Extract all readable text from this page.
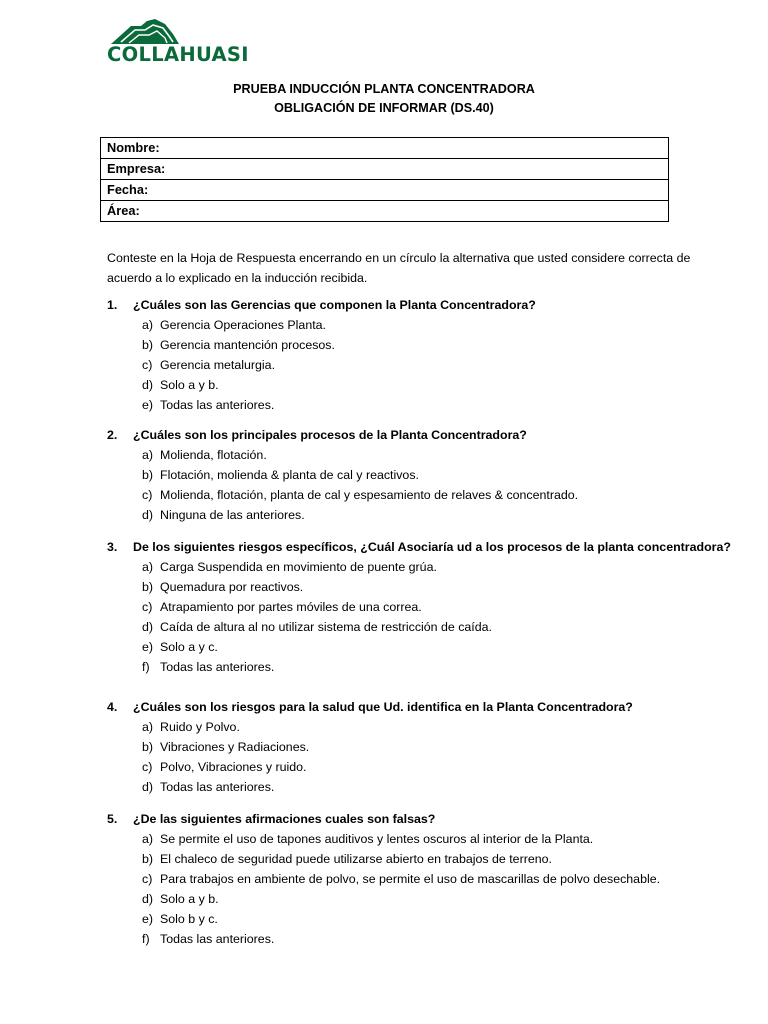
COLLAHUASI
PRUEBA INDUCCIÓN PLANTA CONCENTRADORA
OBLIGACIÓN DE INFORMAR (DS.40)
Nombre:
Empresa:
Fecha:
Área:
Conteste en la Hoja de Respuesta encerrando en un círculo la alternativa que usted considere correcta de
acuerdo a lo explicado en la inducción recibida.
1.	¿Cuáles son las Gerencias que componen la Planta Concentradora?
a) Gerencia Operaciones Planta.
b) Gerencia mantención procesos.
c) Gerencia metalurgia.
d) Solo a y b.
e) Todas las anteriores.
2.	¿Cuáles son los principales procesos de la Planta Concentradora?
a) Molienda, flotación.
b) Flotación, molienda & planta de cal y reactivos.
c) Molienda, flotación, planta de cal y espesamiento de relaves & concentrado.
d) Ninguna de las anteriores.
3.	De los siguientes riesgos específicos, ¿Cuál Asociaría ud a los procesos de la planta concentradora?
a) Carga Suspendida en movimiento de puente grúa.
b) Quemadura por reactivos.
c) Atrapamiento por partes móviles de una correa.
d) Caída de altura al no utilizar sistema de restricción de caída.
e) Solo a y c.
f) Todas las anteriores.
4.	¿Cuáles son los riesgos para la salud que Ud. identifica en la Planta Concentradora?
a) Ruido y Polvo.
b) Vibraciones y Radiaciones.
c) Polvo, Vibraciones y ruido.
d) Todas las anteriores.
5.	¿De las siguientes afirmaciones cuales son falsas?
a) Se permite el uso de tapones auditivos y lentes oscuros al interior de la Planta.
b) El chaleco de seguridad puede utilizarse abierto en trabajos de terreno.
c) Para trabajos en ambiente de polvo, se permite el uso de mascarillas de polvo desechable.
d) Solo a y b.
e) Solo b y c.
f) Todas las anteriores.
